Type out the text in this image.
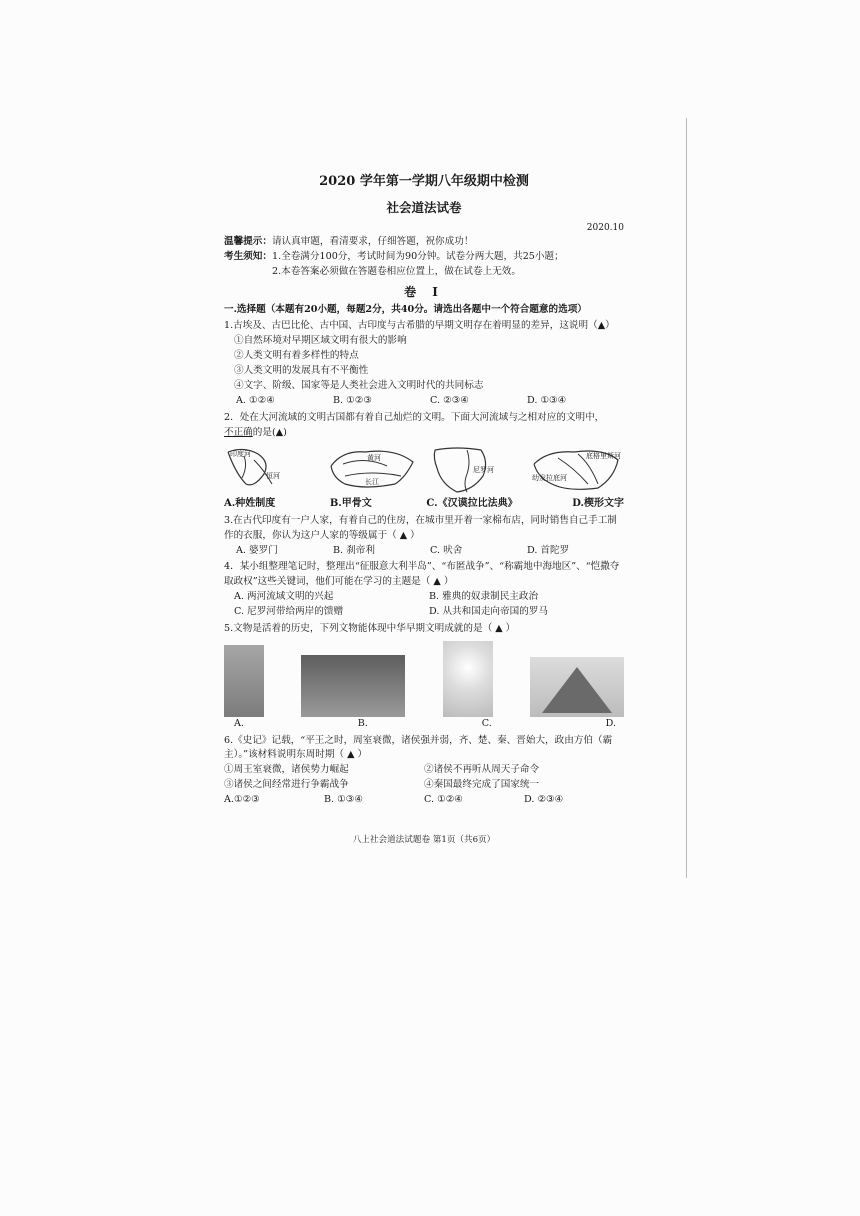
2020 学年第一学期八年级期中检测
社会道法试卷
2020.10
温馨提示：请认真审题，看清要求，仔细答题，祝你成功！
考生须知：1.全卷满分100分，考试时间为90分钟。试卷分两大题，共25小题；
2.本卷答案必须做在答题卷相应位置上，做在试卷上无效。
卷 Ⅰ
一.选择题（本题有20小题，每题2分，共40分。请选出各题中一个符合题意的选项）
1.古埃及、古巴比伦、古中国、古印度与古希腊的早期文明存在着明显的差异，这说明（▲）
①自然环境对早期区域文明有很大的影响
②人类文明有着多样性的特点
③人类文明的发展具有不平衡性
④文字、阶级、国家等是人类社会进入文明时代的共同标志
A. ①②④	B. ①②③	C. ②③④	D. ①③④
2．处在大河流域的文明古国都有着自己灿烂的文明。下面大河流域与之相对应的文明中，
不正确的是(▲)
印度河
恒河
黄河
长江
尼罗河
幼发拉底河
底格里斯河
A.种姓制度	B.甲骨文	C.《汉谟拉比法典》	D.楔形文字
3.在古代印度有一户人家，有着自己的住房，在城市里开着一家棉布店，同时销售自己手工制作的衣服，你认为这户人家的等级属于（ ▲ ）
A. 婆罗门	B. 刹帝利	C. 吠舍	D. 首陀罗
4．某小组整理笔记时，整理出“征服意大利半岛”、“布匿战争”、“称霸地中海地区”、“恺撒夺取政权”这些关键词，他们可能在学习的主题是（ ▲ ）
A. 两河流域文明的兴起	B. 雅典的奴隶制民主政治
C. 尼罗河带给两岸的馈赠	D. 从共和国走向帝国的罗马
5.文物是活着的历史，下列文物能体现中华早期文明成就的是（ ▲ ）
A.	B.	C.	D.
6.《史记》记载，“平王之时，周室衰微，诸侯强并弱，齐、楚、秦、晋始大，政由方伯（霸主）。”该材料说明东周时期（ ▲ ）
①周王室衰微，诸侯势力崛起	②诸侯不再听从周天子命令
③诸侯之间经常进行争霸战争	④秦国最终完成了国家统一
A.①②③	B. ①③④	C. ①②④	D. ②③④
八上社会道法试题卷 第1页（共6页）
